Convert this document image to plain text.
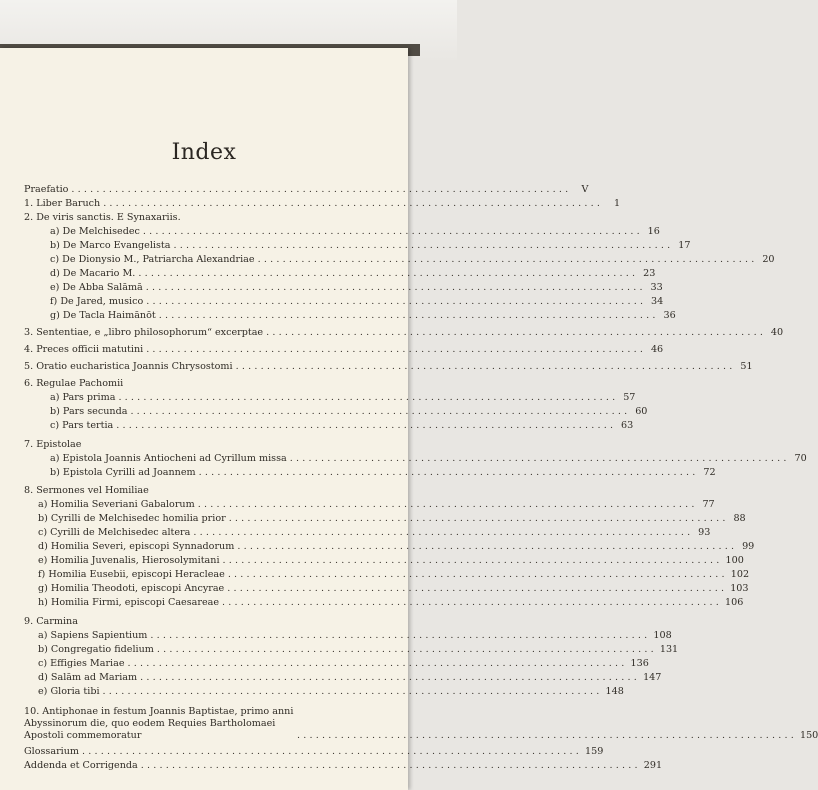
Index
Praefatio ................................................................................	V
1. Liber Baruch ................................................................................	1
2. De viris sanctis. E Synaxariis.
a) De Melchisedec ................................................................................ 16
b) De Marco Evangelista ................................................................................ 17
c) De Dionysio M., Patriarcha Alexandriae ................................................................................ 20
d) De Macario M. ................................................................................ 23
e) De Abba Salāmā ................................................................................ 33
f) De Jared, musico ................................................................................ 34
g) De Tacla Haimānōt ................................................................................ 36
3. Sententiae, e „libro philosophorum“ excerptae ................................................................................ 40
4. Preces officii matutini ................................................................................ 46
5. Oratio eucharistica Joannis Chrysostomi ................................................................................ 51
6. Regulae Pachomii
a) Pars prima ................................................................................ 57
b) Pars secunda ................................................................................ 60
c) Pars tertia ................................................................................ 63
7. Epistolae
a) Epistola Joannis Antiocheni ad Cyrillum missa ................................................................................ 70
b) Epistola Cyrilli ad Joannem ................................................................................ 72
8. Sermones vel Homiliae
a) Homilia Severiani Gabalorum ................................................................................ 77
b) Cyrilli de Melchisedec homilia prior ................................................................................ 88
c) Cyrilli de Melchisedec altera ................................................................................ 93
d) Homilia Severi, episcopi Synnadorum ................................................................................ 99
e) Homilia Juvenalis, Hierosolymitani ................................................................................ 100
f) Homilia Eusebii, episcopi Heracleae ................................................................................ 102
g) Homilia Theodoti, episcopi Ancyrae ................................................................................ 103
h) Homilia Firmi, episcopi Caesareae ................................................................................ 106
9. Carmina
a) Sapiens Sapientium ................................................................................ 108
b) Congregatio fidelium ................................................................................ 131
c) Effigies Mariae ................................................................................ 136
d) Salām ad Mariam ................................................................................ 147
e) Gloria tibi ................................................................................ 148
10. Antiphonae in festum Joannis Baptistae, primo anni Abyssinorum die, quo eodem Requies Bartholomaei Apostoli commemoratur	................................................................................ 150
Glossarium ................................................................................ 159
Addenda et Corrigenda ................................................................................ 291
